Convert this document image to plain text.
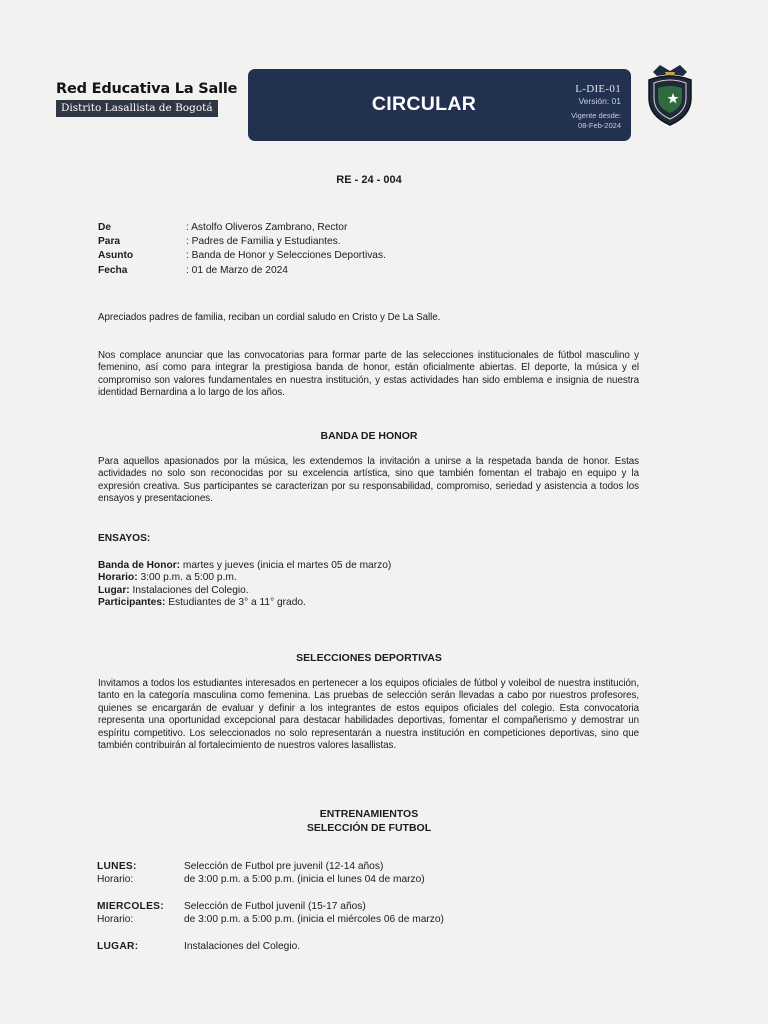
Red Educativa La Salle
Distrito Lasallista de Bogotá	CIRCULAR
L-DIE-01
Versión: 01
Vigente desde:
08-Feb-2024
RE - 24 - 004
De	: Astolfo Oliveros Zambrano, Rector
Para	: Padres de Familia y Estudiantes.
Asunto	: Banda de Honor y Selecciones Deportivas.
Fecha	: 01 de Marzo de 2024
Apreciados padres de familia, reciban un cordial saludo en Cristo y De La Salle.
Nos complace anunciar que las convocatorias para formar parte de las selecciones institucionales de fútbol masculino y femenino, así como para integrar la prestigiosa banda de honor, están oficialmente abiertas. El deporte, la música y el compromiso son valores fundamentales en nuestra institución, y estas actividades han sido emblema e insignia de nuestra identidad Bernardina a lo largo de los años.
BANDA DE HONOR
Para aquellos apasionados por la música, les extendemos la invitación a unirse a la respetada banda de honor. Estas actividades no solo son reconocidas por su excelencia artística, sino que también fomentan el trabajo en equipo y la expresión creativa. Sus participantes se caracterizan por su responsabilidad, compromiso, seriedad y asistencia a todos los ensayos y presentaciones.
ENSAYOS:
Banda de Honor: martes y jueves (inicia el martes 05 de marzo)
Horario: 3:00 p.m. a 5:00 p.m.
Lugar: Instalaciones del Colegio.
Participantes: Estudiantes de 3° a 11° grado.
SELECCIONES DEPORTIVAS
Invitamos a todos los estudiantes interesados en pertenecer a los equipos oficiales de fútbol y voleibol de nuestra institución, tanto en la categoría masculina como femenina. Las pruebas de selección serán llevadas a cabo por nuestros profesores, quienes se encargarán de evaluar y definir a los integrantes de estos equipos oficiales del colegio. Esta convocatoria representa una oportunidad excepcional para destacar habilidades deportivas, fomentar el compañerismo y demostrar un espíritu competitivo. Los seleccionados no solo representarán a nuestra institución en competiciones deportivas, sino que también contribuirán al fortalecimiento de nuestros valores lasallistas.
ENTRENAMIENTOS
SELECCIÓN DE FUTBOL
LUNES:	Selección de Futbol pre juvenil (12-14 años)
Horario:	de 3:00 p.m. a 5:00 p.m. (inicia el lunes 04 de marzo)
MIERCOLES:	Selección de Futbol juvenil (15-17 años)
Horario:	de 3:00 p.m. a 5:00 p.m. (inicia el miércoles 06 de marzo)
LUGAR:	Instalaciones del Colegio.
